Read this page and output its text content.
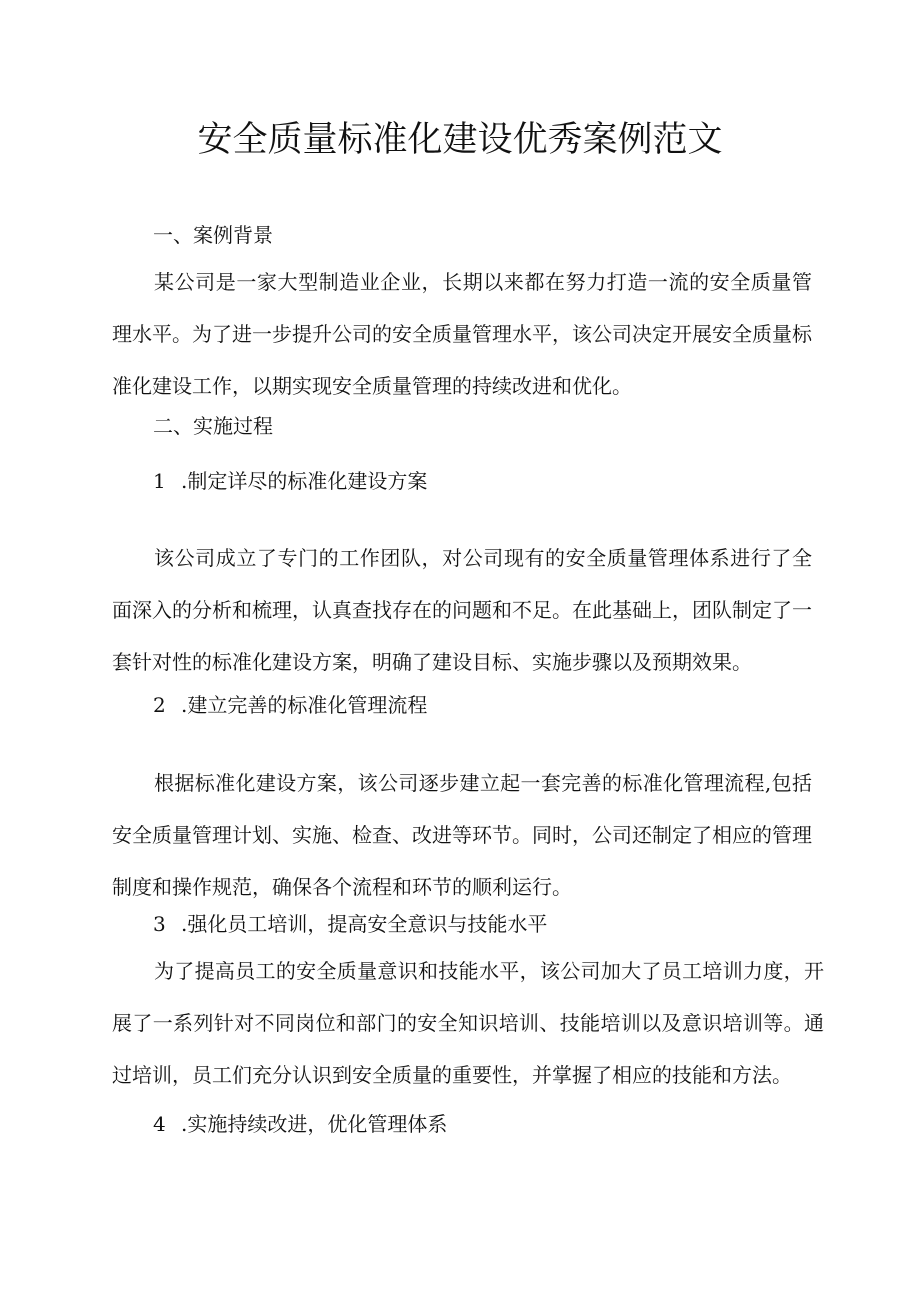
安全质量标准化建设优秀案例范文
一、案例背景
某公司是一家大型制造业企业，长期以来都在努力打造一流的安全质量管理水平。为了进一步提升公司的安全质量管理水平，该公司决定开展安全质量标准化建设工作，以期实现安全质量管理的持续改进和优化。
二、实施过程
1 .制定详尽的标准化建设方案
该公司成立了专门的工作团队，对公司现有的安全质量管理体系进行了全面深入的分析和梳理，认真查找存在的问题和不足。在此基础上，团队制定了一套针对性的标准化建设方案，明确了建设目标、实施步骤以及预期效果。
2 .建立完善的标准化管理流程
根据标准化建设方案，该公司逐步建立起一套完善的标准化管理流程,包括安全质量管理计划、实施、检查、改进等环节。同时，公司还制定了相应的管理制度和操作规范，确保各个流程和环节的顺利运行。
3 .强化员工培训，提高安全意识与技能水平
为了提高员工的安全质量意识和技能水平，该公司加大了员工培训力度，开展了一系列针对不同岗位和部门的安全知识培训、技能培训以及意识培训等。通过培训，员工们充分认识到安全质量的重要性，并掌握了相应的技能和方法。
4 .实施持续改进，优化管理体系
